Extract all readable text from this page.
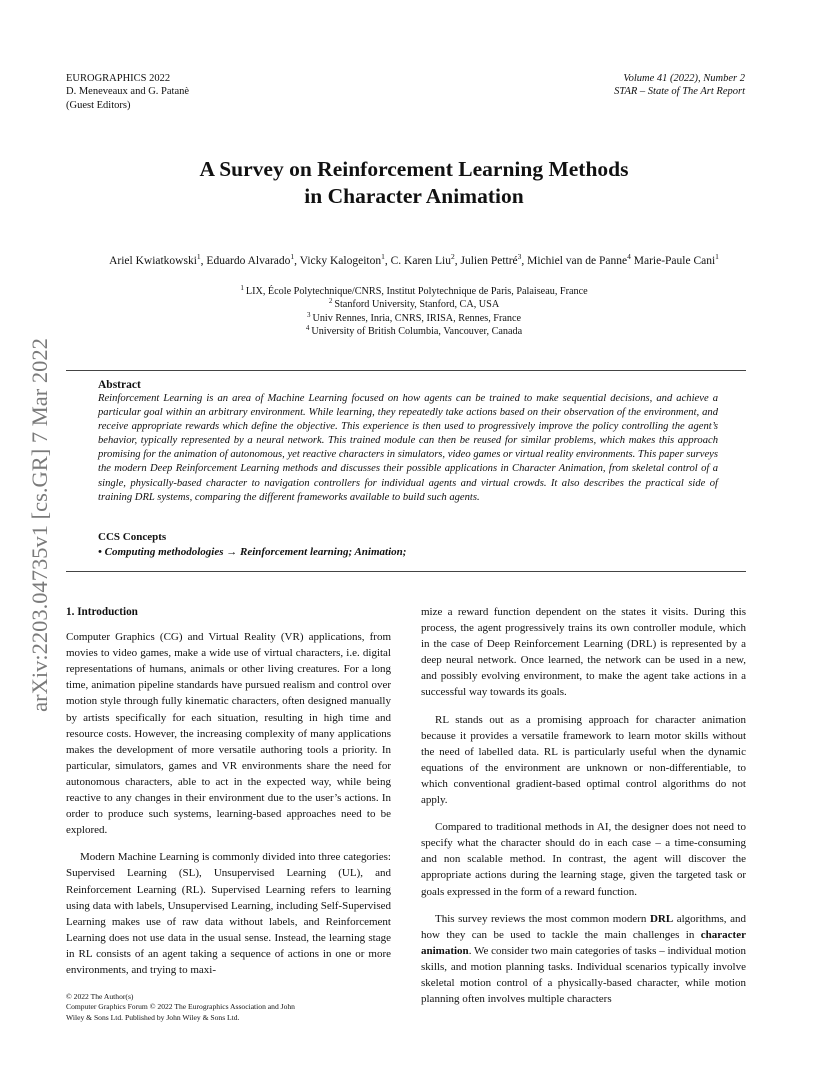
EUROGRAPHICS 2022
D. Meneveaux and G. Patanè
(Guest Editors)
Volume 41 (2022), Number 2
STAR – State of The Art Report
arXiv:2203.04735v1 [cs.GR] 7 Mar 2022
A Survey on Reinforcement Learning Methods
in Character Animation
Ariel Kwiatkowski$^1$, Eduardo Alvarado$^1$, Vicky Kalogeiton$^1$, C. Karen Liu$^2$, Julien Pettré$^3$, Michiel van de Panne$^4$ Marie-Paule Cani$^1$
$^1$ LIX, École Polytechnique/CNRS, Institut Polytechnique de Paris, Palaiseau, France
$^2$ Stanford University, Stanford, CA, USA
$^3$ Univ Rennes, Inria, CNRS, IRISA, Rennes, France
$^4$ University of British Columbia, Vancouver, Canada
Abstract
Reinforcement Learning is an area of Machine Learning focused on how agents can be trained to make sequential decisions, and achieve a particular goal within an arbitrary environment. While learning, they repeatedly take actions based on their observation of the environment, and receive appropriate rewards which define the objective. This experience is then used to progressively improve the policy controlling the agent’s behavior, typically represented by a neural network. This trained module can then be reused for similar problems, which makes this approach promising for the animation of autonomous, yet reactive characters in simulators, video games or virtual reality environments. This paper surveys the modern Deep Reinforcement Learning methods and discusses their possible applications in Character Animation, from skeletal control of a single, physically-based character to navigation controllers for individual agents and virtual crowds. It also describes the practical side of training DRL systems, comparing the different frameworks available to build such agents.
CCS Concepts
• Computing methodologies → Reinforcement learning; Animation;
1. Introduction

Computer Graphics (CG) and Virtual Reality (VR) applications, from movies to video games, make a wide use of virtual characters, i.e. digital representations of humans, animals or other living creatures. For a long time, animation pipeline standards have pursued realism and control over motion style through fully kinematic characters, often designed manually by artists specifically for each situation, resulting in high time and resource costs. However, the increasing complexity of many applications makes the development of more versatile authoring tools a priority. In particular, simulators, games and VR environments share the need for autonomous characters, able to act in the expected way, while being reactive to any changes in their environment due to the user’s actions. In order to produce such systems, learning-based approaches need to be explored.

Modern Machine Learning is commonly divided into three categories: Supervised Learning (SL), Unsupervised Learning (UL), and Reinforcement Learning (RL). Supervised Learning refers to learning using data with labels, Unsupervised Learning, including Self-Supervised Learning makes use of raw data without labels, and Reinforcement Learning does not use data in the usual sense. Instead, the learning stage in RL consists of an agent taking a sequence of actions in one or more environments, and trying to maxi-

mize a reward function dependent on the states it visits. During this process, the agent progressively trains its own controller module, which in the case of Deep Reinforcement Learning (DRL) is represented by a deep neural network. Once learned, the network can be used in a new, and possibly evolving environment, to make the agent take actions in a successful way towards its goals.

RL stands out as a promising approach for character animation because it provides a versatile framework to learn motor skills without the need of labelled data. RL is particularly useful when the dynamic equations of the environment are unknown or non-differentiable, to which conventional gradient-based optimal control algorithms do not apply.

Compared to traditional methods in AI, the designer does not need to specify what the character should do in each case – a time-consuming and non scalable method. In contrast, the agent will discover the appropriate actions during the learning stage, given the targeted task or goals expressed in the form of a reward function.

This survey reviews the most common modern DRL algorithms, and how they can be used to tackle the main challenges in character animation. We consider two main categories of tasks – individual motion skills, and motion planning tasks. Individual scenarios typically involve skeletal motion control of a physically-based character, while motion planning often involves multiple characters

© 2022 The Author(s)
Computer Graphics Forum © 2022 The Eurographics Association and John
Wiley & Sons Ltd. Published by John Wiley & Sons Ltd.
